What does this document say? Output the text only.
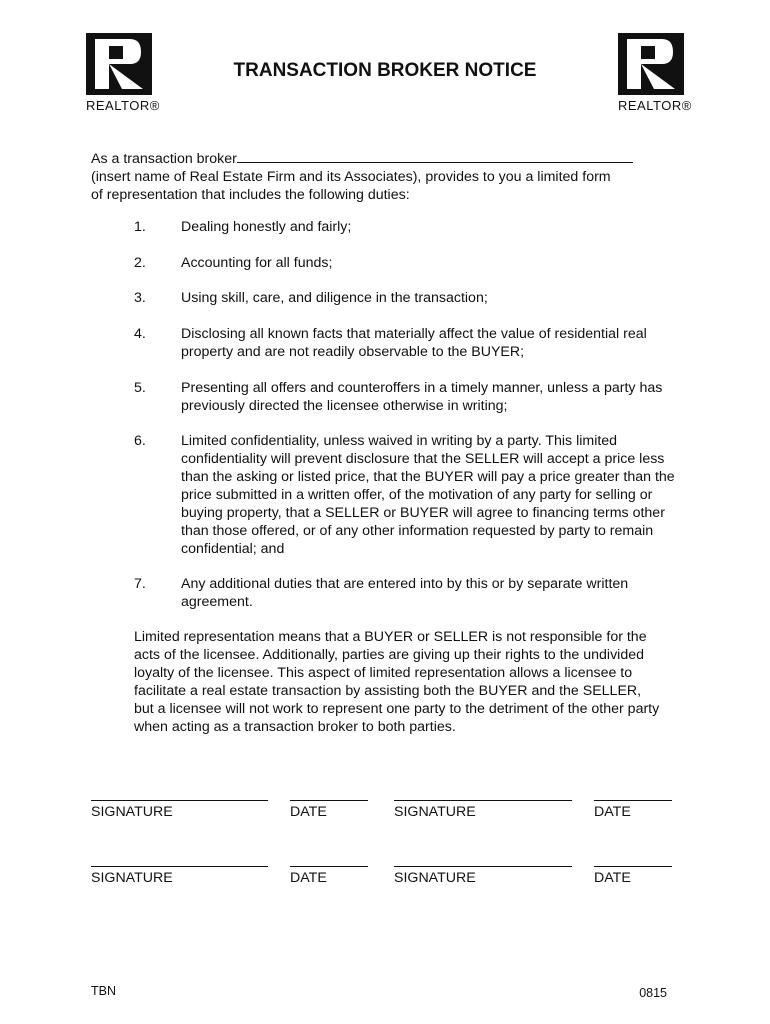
REALTOR®	REALTOR®
TRANSACTION BROKER NOTICE
As a transaction broker
(insert name of Real Estate Firm and its Associates), provides to you a limited form
of representation that includes the following duties:
1. Dealing honestly and fairly;
2. Accounting for all funds;
3. Using skill, care, and diligence in the transaction;
4. Disclosing all known facts that materially affect the value of residential real property and are not readily observable to the BUYER;
5. Presenting all offers and counteroffers in a timely manner, unless a party has previously directed the licensee otherwise in writing;
6. Limited confidentiality, unless waived in writing by a party. This limited confidentiality will prevent disclosure that the SELLER will accept a price less than the asking or listed price, that the BUYER will pay a price greater than the price submitted in a written offer, of the motivation of any party for selling or buying property, that a SELLER or BUYER will agree to financing terms other than those offered, or of any other information requested by party to remain confidential; and
7. Any additional duties that are entered into by this or by separate written agreement.
Limited representation means that a BUYER or SELLER is not responsible for the acts of the licensee. Additionally, parties are giving up their rights to the undivided loyalty of the licensee. This aspect of limited representation allows a licensee to facilitate a real estate transaction by assisting both the BUYER and the SELLER, but a licensee will not work to represent one party to the detriment of the other party when acting as a transaction broker to both parties.
SIGNATURE	DATE	SIGNATURE	DATE
SIGNATURE	DATE	SIGNATURE	DATE
TBN	0815
